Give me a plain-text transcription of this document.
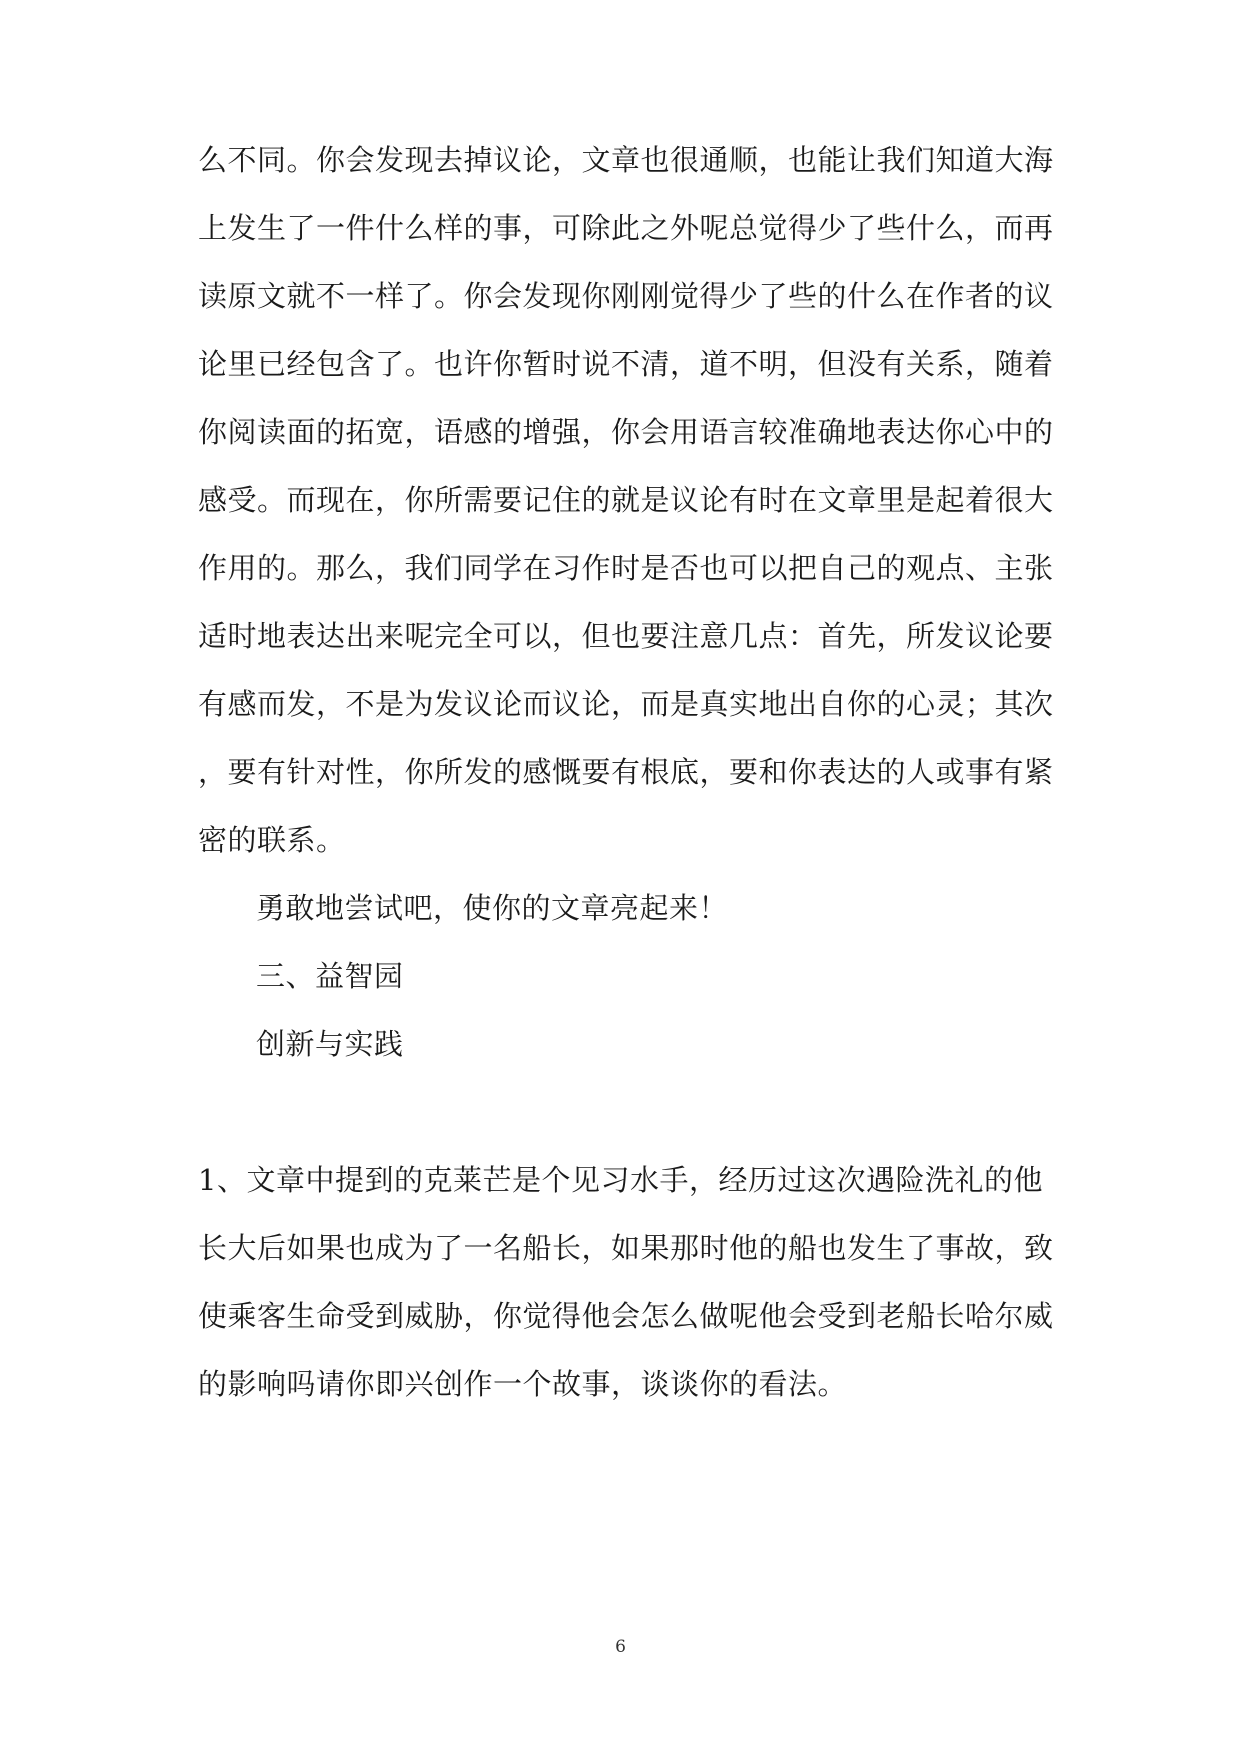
么不同。你会发现去掉议论，文章也很通顺，也能让我们知道大海
上发生了一件什么样的事，可除此之外呢总觉得少了些什么，而再
读原文就不一样了。你会发现你刚刚觉得少了些的什么在作者的议
论里已经包含了。也许你暂时说不清，道不明，但没有关系，随着
你阅读面的拓宽，语感的增强，你会用语言较准确地表达你心中的
感受。而现在，你所需要记住的就是议论有时在文章里是起着很大
作用的。那么，我们同学在习作时是否也可以把自己的观点、主张
适时地表达出来呢完全可以，但也要注意几点：首先，所发议论要
有感而发，不是为发议论而议论，而是真实地出自你的心灵；其次
，要有针对性，你所发的感慨要有根底，要和你表达的人或事有紧
密的联系。
勇敢地尝试吧，使你的文章亮起来！
三、益智园
创新与实践
1、文章中提到的克莱芒是个见习水手，经历过这次遇险洗礼的他
长大后如果也成为了一名船长，如果那时他的船也发生了事故，致
使乘客生命受到威胁，你觉得他会怎么做呢他会受到老船长哈尔威
的影响吗请你即兴创作一个故事，谈谈你的看法。
6
